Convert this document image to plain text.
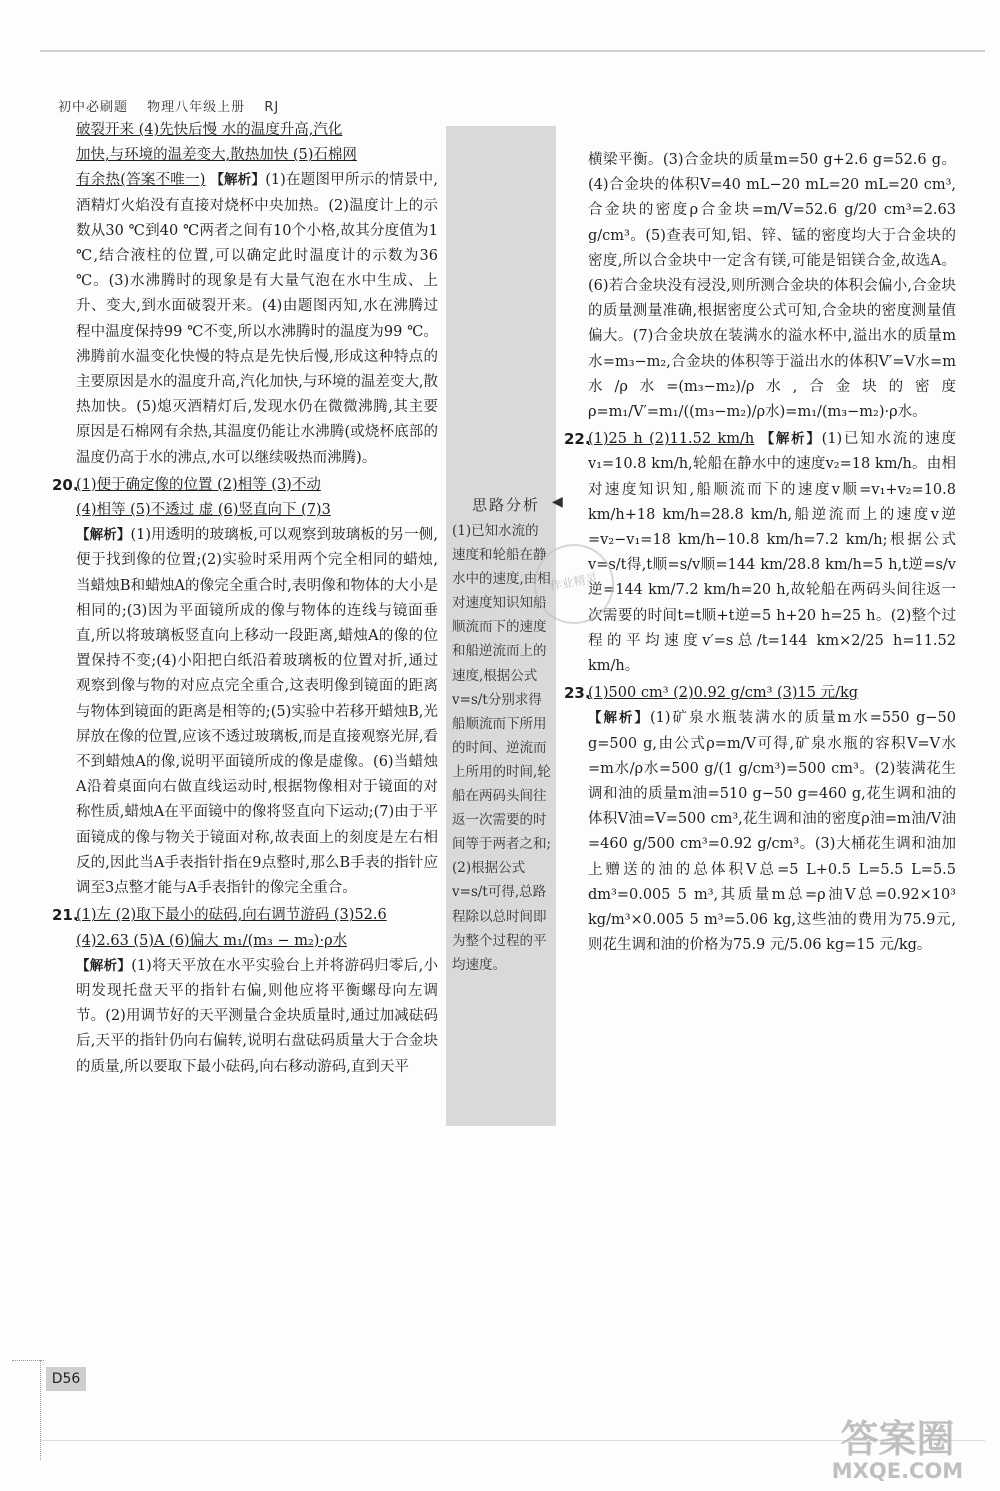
初中必刷题 物理八年级上册 RJ

破裂开来 (4)先快后慢 水的温度升高,汽化
加快,与环境的温差变大,散热加快 (5)石棉网
有余热(答案不唯一) 【解析】(1)在题图甲所示的情景中,酒精灯火焰没有直接对烧杯中央加热。(2)温度计上的示数从30 ℃到40 ℃两者之间有10个小格,故其分度值为1 ℃,结合液柱的位置,可以确定此时温度计的示数为36 ℃。(3)水沸腾时的现象是有大量气泡在水中生成、上升、变大,到水面破裂开来。(4)由题图丙知,水在沸腾过程中温度保持99 ℃不变,所以水沸腾时的温度为99 ℃。沸腾前水温变化快慢的特点是先快后慢,形成这种特点的主要原因是水的温度升高,汽化加快,与环境的温差变大,散热加快。(5)熄灭酒精灯后,发现水仍在微微沸腾,其主要原因是石棉网有余热,其温度仍能让水沸腾(或烧杯底部的温度仍高于水的沸点,水可以继续吸热而沸腾)。

20.
(1)便于确定像的位置 (2)相等 (3)不动
(4)相等 (5)不透过 虚 (6)竖直向下 (7)3
【解析】(1)用透明的玻璃板,可以观察到玻璃板的另一侧,便于找到像的位置;(2)实验时采用两个完全相同的蜡烛,当蜡烛B和蜡烛A的像完全重合时,表明像和物体的大小是相同的;(3)因为平面镜所成的像与物体的连线与镜面垂直,所以将玻璃板竖直向上移动一段距离,蜡烛A的像的位置保持不变;(4)小阳把白纸沿着玻璃板的位置对折,通过观察到像与物的对应点完全重合,这表明像到镜面的距离与物体到镜面的距离是相等的;(5)实验中若移开蜡烛B,光屏放在像的位置,应该不透过玻璃板,而是直接观察光屏,看不到蜡烛A的像,说明平面镜所成的像是虚像。(6)当蜡烛A沿着桌面向右做直线运动时,根据物像相对于镜面的对称性质,蜡烛A在平面镜中的像将竖直向下运动;(7)由于平面镜成的像与物关于镜面对称,故表面上的刻度是左右相反的,因此当A手表指针指在9点整时,那么B手表的指针应调至3点整才能与A手表指针的像完全重合。

21.
(1)左 (2)取下最小的砝码,向右调节游码 (3)52.6
(4)2.63 (5)A (6)偏大 m₁/(m₃ − m₂)·ρ水
【解析】(1)将天平放在水平实验台上并将游码归零后,小明发现托盘天平的指针右偏,则他应将平衡螺母向左调节。(2)用调节好的天平测量合金块质量时,通过加减砝码后,天平的指针仍向右偏转,说明右盘砝码质量大于合金块的质量,所以要取下最小砝码,向右移动游码,直到天平

思路分析 ◀
(1)已知水流的速度和轮船在静水中的速度,由相对速度知识知船顺流而下的速度和船逆流而上的速度,根据公式v=s/t分别求得船顺流而下所用的时间、逆流而上所用的时间,轮船在两码头间往返一次需要的时间等于两者之和;(2)根据公式v=s/t可得,总路程除以总时间即为整个过程的平均速度。

横梁平衡。(3)合金块的质量m=50 g+2.6 g=52.6 g。(4)合金块的体积V=40 mL−20 mL=20 mL=20 cm³,合金块的密度ρ合金块=m/V=52.6 g/20 cm³=2.63 g/cm³。(5)查表可知,铝、锌、锰的密度均大于合金块的密度,所以合金块中一定含有镁,可能是铝镁合金,故选A。(6)若合金块没有浸没,则所测合金块的体积会偏小,合金块的质量测量准确,根据密度公式可知,合金块的密度测量值偏大。(7)合金块放在装满水的溢水杯中,溢出水的质量m水=m₃−m₂,合金块的体积等于溢出水的体积V′=V水=m水/ρ水=(m₃−m₂)/ρ水,合金块的密度ρ=m₁/V′=m₁/((m₃−m₂)/ρ水)=m₁/(m₃−m₂)·ρ水。

22.
(1)25 h (2)11.52 km/h 【解析】(1)已知水流的速度v₁=10.8 km/h,轮船在静水中的速度v₂=18 km/h。由相对速度知识知,船顺流而下的速度v顺=v₁+v₂=10.8 km/h+18 km/h=28.8 km/h,船逆流而上的速度v逆=v₂−v₁=18 km/h−10.8 km/h=7.2 km/h;根据公式v=s/t得,t顺=s/v顺=144 km/28.8 km/h=5 h,t逆=s/v逆=144 km/7.2 km/h=20 h,故轮船在两码头间往返一次需要的时间t=t顺+t逆=5 h+20 h=25 h。(2)整个过程的平均速度v′=s总/t=144 km×2/25 h=11.52 km/h。

23.
(1)500 cm³ (2)0.92 g/cm³ (3)15 元/kg
【解析】(1)矿泉水瓶装满水的质量m水=550 g−50 g=500 g,由公式ρ=m/V可得,矿泉水瓶的容积V=V水=m水/ρ水=500 g/(1 g/cm³)=500 cm³。(2)装满花生调和油的质量m油=510 g−50 g=460 g,花生调和油的体积V油=V=500 cm³,花生调和油的密度ρ油=m油/V油=460 g/500 cm³=0.92 g/cm³。(3)大桶花生调和油加上赠送的油的总体积V总=5 L+0.5 L=5.5 L=5.5 dm³=0.005 5 m³,其质量m总=ρ油V总=0.92×10³ kg/m³×0.005 5 m³=5.06 kg,这些油的费用为75.9元,则花生调和油的价格为75.9 元/5.06 kg=15 元/kg。

作业精灵
D56
答案圈
MXQE.COM
